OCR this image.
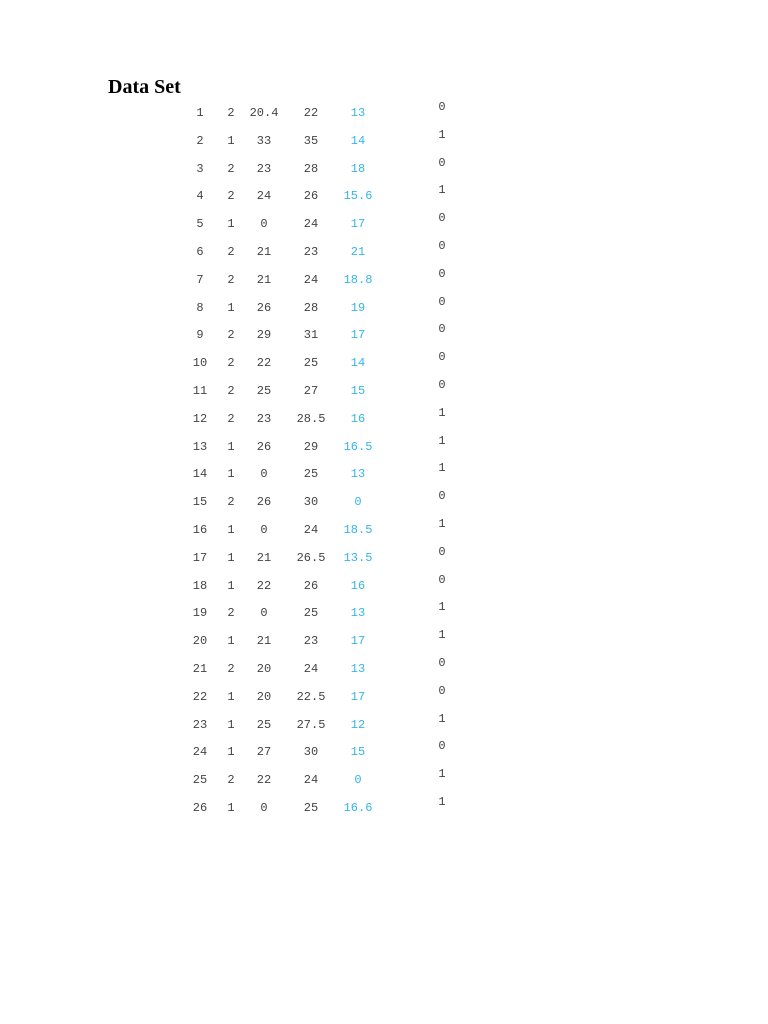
Data Set
1 2 20.4 22	13	0
2 1 33	35	14	1
3 2 23	28	18	0
4 2 24	26 15.6	1
5 1 0	24	17	0
6 2 21	23	21	0
7 2 21	24 18.8	0
8 1 26	28	19	0
9 2 29	31	17	0
10 2 22	25	14	0
11 2 25	27	15	0
12 2 23 28.5 16	1
13 1 26	29 16.5	1
14 1 0	25	13	1
15 2 26	30	0	0
16 1 0	24 18.5	1
17 1 21 26.5 13.5	0
18 1 22	26	16	0
19 2 0	25	13	1
20 1 21	23	17	1
21 2 20	24	13	0
22 1 20 22.5 17	0
23 1 25 27.5 12	1
24 1 27	30	15	0
25 2 22	24	0	1
26 1 0	25 16.6	1
